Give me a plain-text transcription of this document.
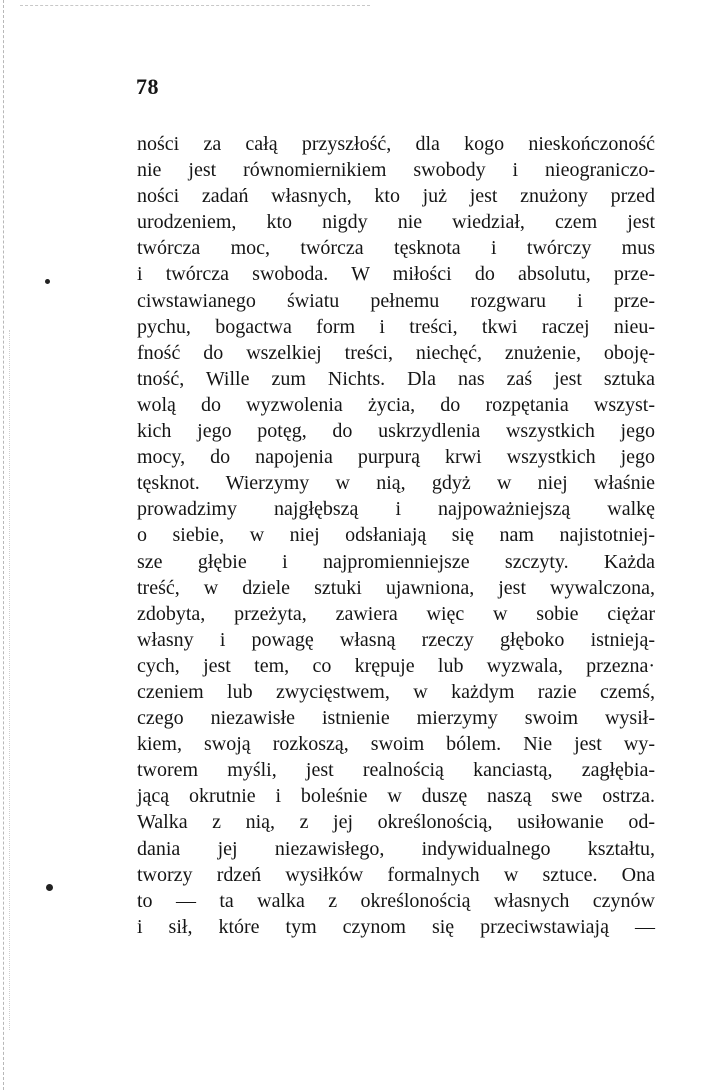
78
ności za całą przyszłość, dla kogo nieskończoność
nie jest równomiernikiem swobody i nieograniczo-
ności zadań własnych, kto już jest znużony przed
urodzeniem, kto nigdy nie wiedział, czem jest
twórcza moc, twórcza tęsknota i twórczy mus
i twórcza swoboda. W miłości do absolutu, prze-
ciwstawianego światu pełnemu rozgwaru i prze-
pychu, bogactwa form i treści, tkwi raczej nieu-
fność do wszelkiej treści, niechęć, znużenie, oboję-
tność, Wille zum Nichts. Dla nas zaś jest sztuka
wolą do wyzwolenia życia, do rozpętania wszyst-
kich jego potęg, do uskrzydlenia wszystkich jego
mocy, do napojenia purpurą krwi wszystkich jego
tęsknot. Wierzymy w nią, gdyż w niej właśnie
prowadzimy najgłębszą i najpoważniejszą walkę
o siebie, w niej odsłaniają się nam najistotniej-
sze głębie i najpromienniejsze szczyty. Każda
treść, w dziele sztuki ujawniona, jest wywalczona,
zdobyta, przeżyta, zawiera więc w sobie ciężar
własny i powagę własną rzeczy głęboko istnieją-
cych, jest tem, co krępuje lub wyzwala, przezna·
czeniem lub zwycięstwem, w każdym razie czemś,
czego niezawisłe istnienie mierzymy swoim wysił-
kiem, swoją rozkoszą, swoim bólem. Nie jest wy-
tworem myśli, jest realnością kanciastą, zagłębia-
jącą okrutnie i boleśnie w duszę naszą swe ostrza.
Walka z nią, z jej określonością, usiłowanie od-
dania jej niezawisłego, indywidualnego kształtu,
tworzy rdzeń wysiłków formalnych w sztuce. Ona
to — ta walka z określonością własnych czynów
i sił, które tym czynom się przeciwstawiają —
